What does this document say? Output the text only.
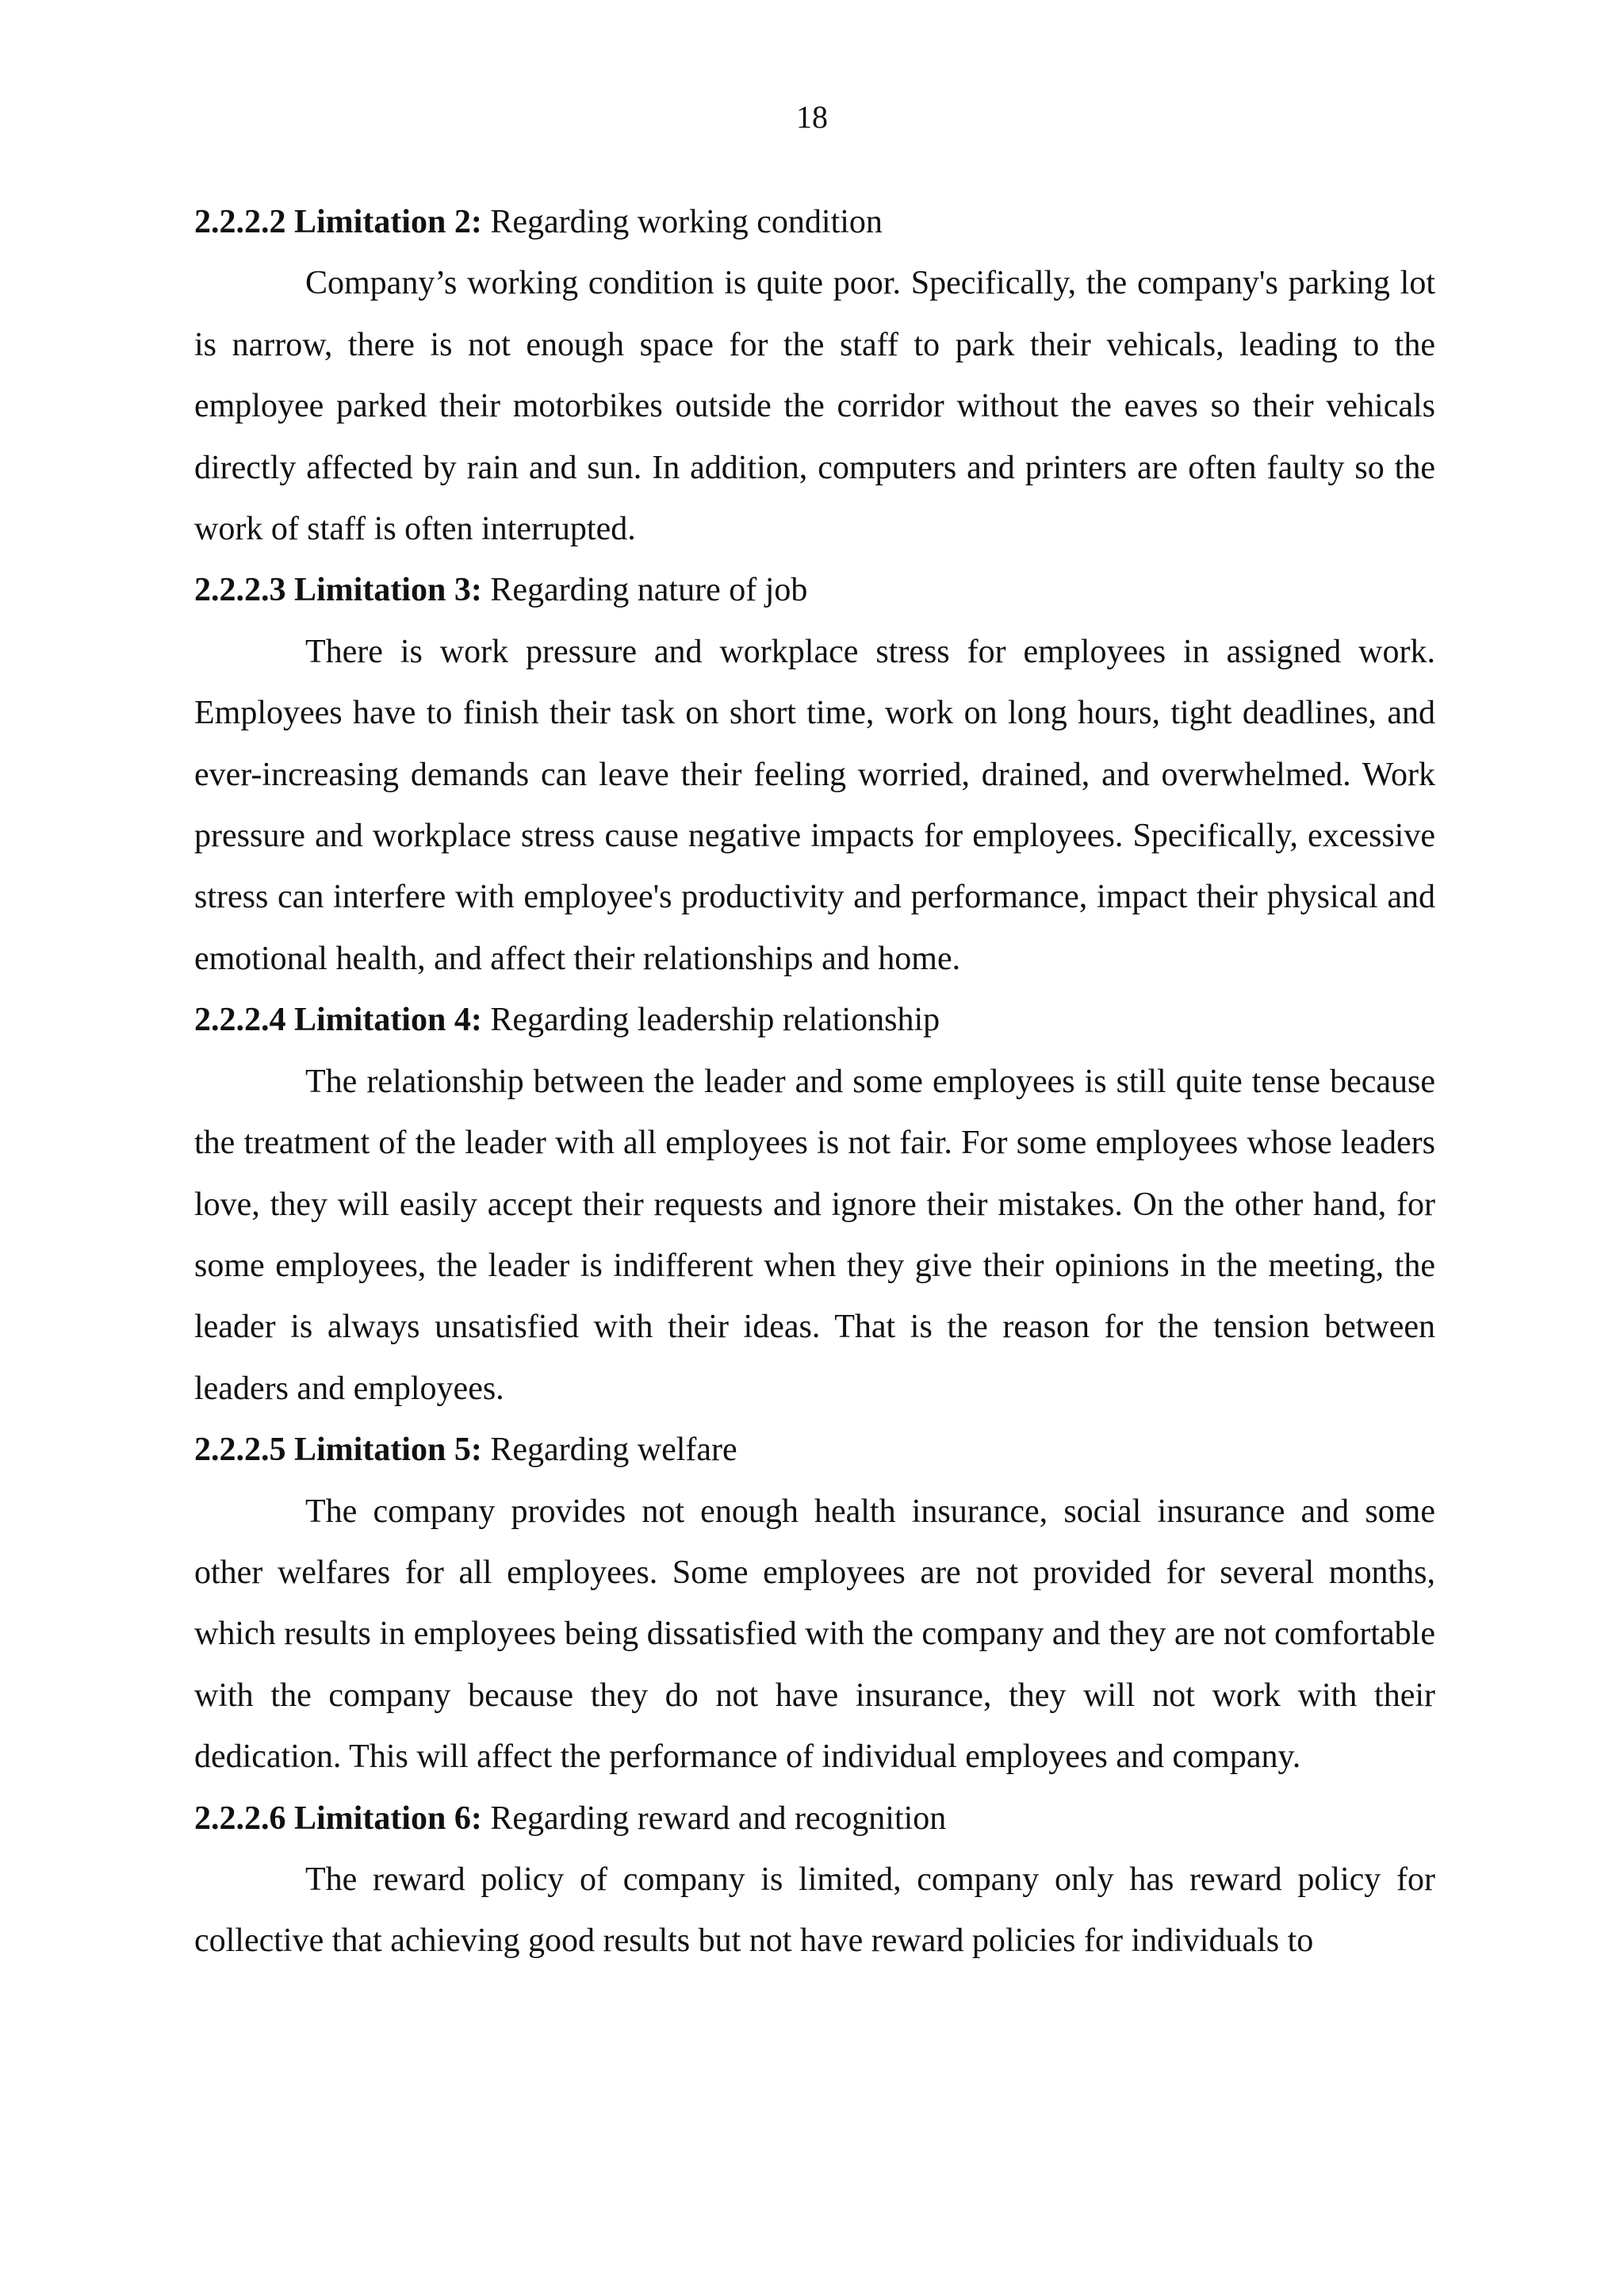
18

2.2.2.2 Limitation 2: Regarding working condition

Company’s working condition is quite poor. Specifically, the company's parking lot is narrow, there is not enough space for the staff to park their vehicals, leading to the employee parked their motorbikes outside the corridor without the eaves so their vehicals directly affected by rain and sun. In addition, computers and printers are often faulty so the work of staff is often interrupted.

2.2.2.3 Limitation 3: Regarding nature of job

There is work pressure and workplace stress for employees in assigned work. Employees have to finish their task on short time, work on long hours, tight deadlines, and ever-increasing demands can leave their feeling worried, drained, and overwhelmed. Work pressure and workplace stress cause negative impacts for employees. Specifically, excessive stress can interfere with employee's productivity and performance, impact their physical and emotional health, and affect their relationships and home.

2.2.2.4 Limitation 4: Regarding leadership relationship

The relationship between the leader and some employees is still quite tense because the treatment of the leader with all employees is not fair. For some employees whose leaders love, they will easily accept their requests and ignore their mistakes. On the other hand, for some employees, the leader is indifferent when they give their opinions in the meeting, the leader is always unsatisfied with their ideas. That is the reason for the tension between leaders and employees.

2.2.2.5 Limitation 5: Regarding welfare

The company provides not enough health insurance, social insurance and some other welfares for all employees. Some employees are not provided for several months, which results in employees being dissatisfied with the company and they are not comfortable with the company because they do not have insurance, they will not work with their dedication. This will affect the performance of individual employees and company.

2.2.2.6 Limitation 6: Regarding reward and recognition

The reward policy of company is limited, company only has reward policy for collective that achieving good results but not have reward policies for individuals to
